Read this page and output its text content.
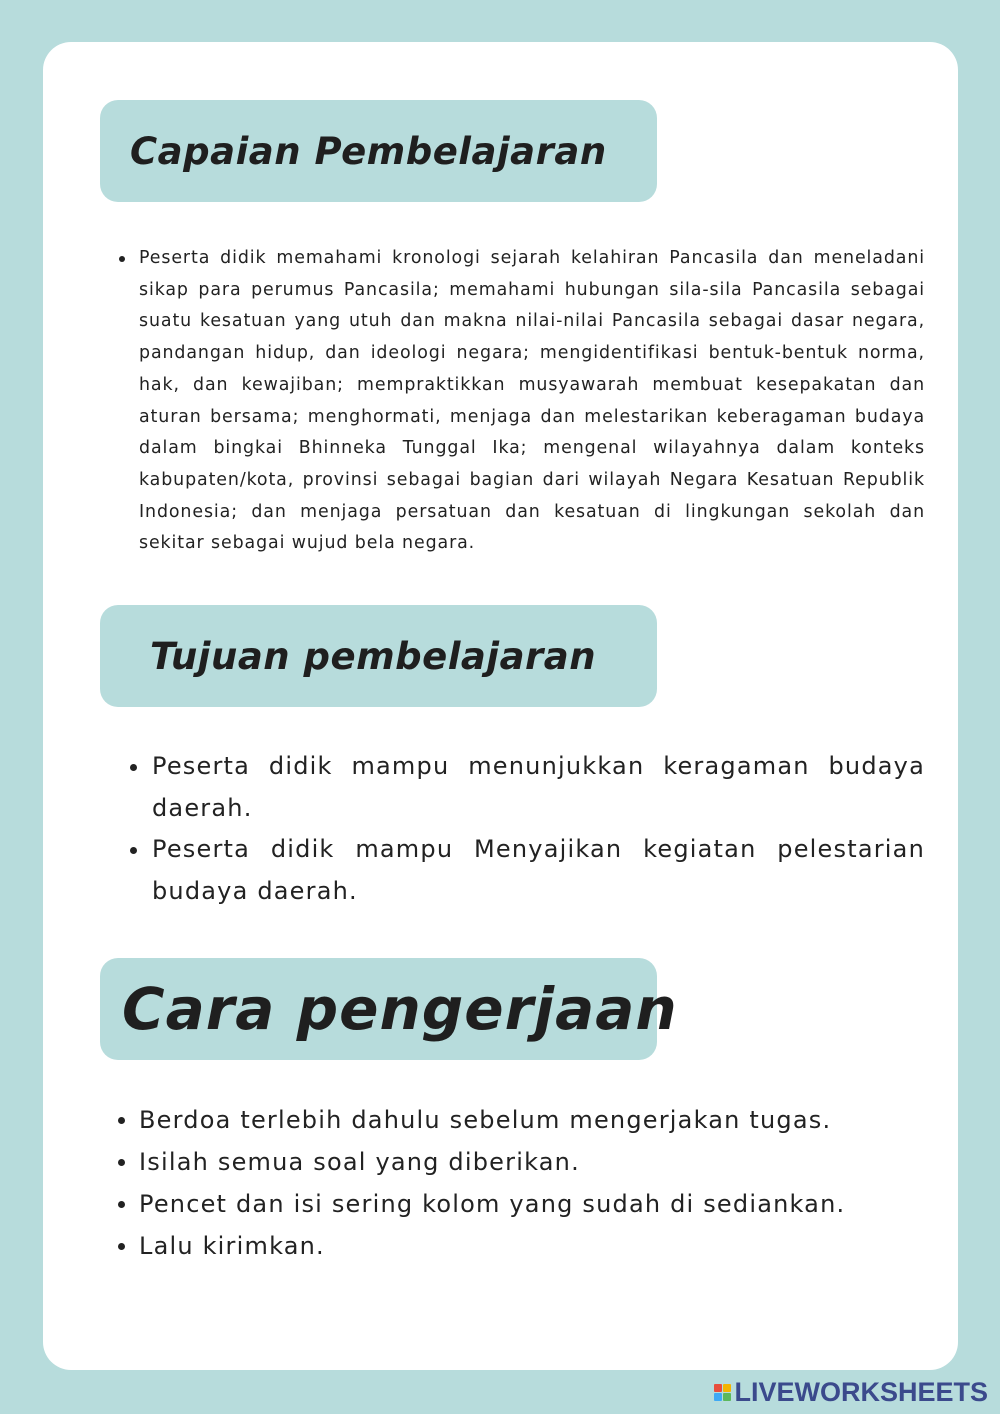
Capaian Pembelajaran
Peserta didik memahami kronologi sejarah kelahiran Pancasila dan meneladani sikap para perumus Pancasila; memahami hubungan sila-sila Pancasila sebagai suatu kesatuan yang utuh dan makna nilai-nilai Pancasila sebagai dasar negara, pandangan hidup, dan ideologi negara; mengidentifikasi bentuk-bentuk norma, hak, dan kewajiban; mempraktikkan musyawarah membuat kesepakatan dan aturan bersama; menghormati, menjaga dan melestarikan keberagaman budaya dalam bingkai Bhinneka Tunggal Ika; mengenal wilayahnya dalam konteks kabupaten/kota, provinsi sebagai bagian dari wilayah Negara Kesatuan Republik Indonesia; dan menjaga persatuan dan kesatuan di lingkungan sekolah dan sekitar sebagai wujud bela negara.
Tujuan pembelajaran
Peserta didik mampu menunjukkan keragaman budaya daerah.
Peserta didik mampu Menyajikan kegiatan pelestarian budaya daerah.
Cara pengerjaan
Berdoa terlebih dahulu sebelum mengerjakan tugas.
Isilah semua soal yang diberikan.
Pencet dan isi sering kolom yang sudah di sediankan.
Lalu kirimkan.
LIVEWORKSHEETS
